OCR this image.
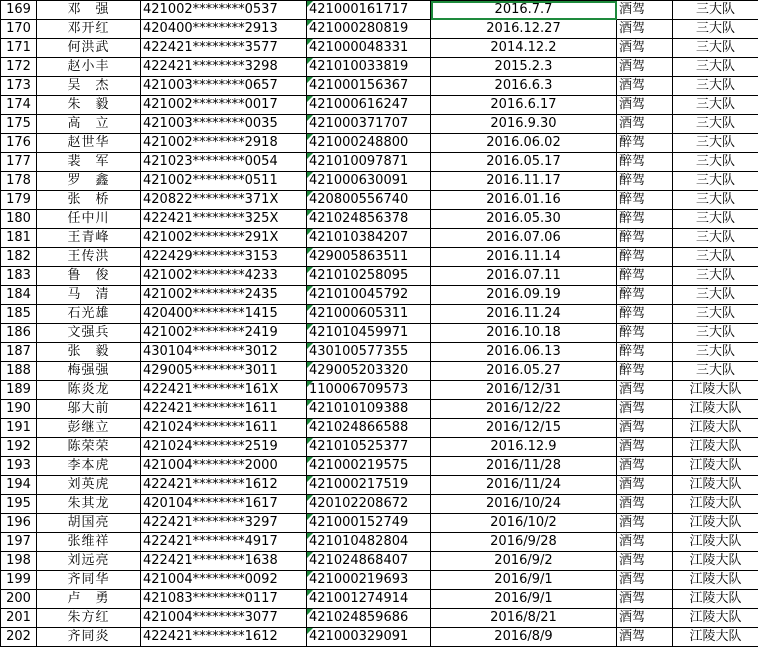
169	邓　强	421002********0537	421000161717	2016.7.7	酒驾	三大队
170	邓开红	420400********2913	421000280819	2016.12.27	酒驾	三大队
171	何洪武	422421********3577	421000048331	2014.12.2	酒驾	三大队
172	赵小丰	422421********3298	421010033819	2015.2.3	酒驾	三大队
173	吴　杰	421003********0657	421000156367	2016.6.3	酒驾	三大队
174	朱　毅	421002********0017	421000616247	2016.6.17	酒驾	三大队
175	高　立	421003********0035	421000371707	2016.9.30	酒驾	三大队
176	赵世华	421002********2918	421000248800	2016.06.02	醉驾	三大队
177	裴　军	421023********0054	421010097871	2016.05.17	醉驾	三大队
178	罗　鑫	421002********0511	421000630091	2016.11.17	醉驾	三大队
179	张　桥	420822********371X	420800556740	2016.01.16	醉驾	三大队
180	任中川	422421********325X	421024856378	2016.05.30	醉驾	三大队
181	王青峰	421002********291X	421010384207	2016.07.06	醉驾	三大队
182	王传洪	422429********3153	429005863511	2016.11.14	醉驾	三大队
183	鲁　俊	421002********4233	421010258095	2016.07.11	醉驾	三大队
184	马　清	421002********2435	421010045792	2016.09.19	醉驾	三大队
185	石光雄	420400********1415	421000605311	2016.11.24	醉驾	三大队
186	文强兵	421002********2419	421010459971	2016.10.18	醉驾	三大队
187	张　毅	430104********3012	430100577355	2016.06.13	醉驾	三大队
188	梅强强	429005********3011	429005203320	2016.05.27	醉驾	三大队
189	陈炎龙	422421********161X	110006709573	2016/12/31	酒驾	江陵大队
190	邬大前	422421********1611	421010109388	2016/12/22	酒驾	江陵大队
191	彭继立	421024********1611	421024866588	2016/12/15	酒驾	江陵大队
192	陈荣荣	421024********2519	421010525377	2016.12.9	酒驾	江陵大队
193	李本虎	421004********2000	421000219575	2016/11/28	酒驾	江陵大队
194	刘英虎	422421********1612	421000217519	2016/11/24	酒驾	江陵大队
195	朱其龙	420104********1617	420102208672	2016/10/24	酒驾	江陵大队
196	胡国亮	422421********3297	421000152749	2016/10/2	酒驾	江陵大队
197	张维祥	422421********4917	421010482804	2016/9/28	酒驾	江陵大队
198	刘远亮	422421********1638	421024868407	2016/9/2	酒驾	江陵大队
199	齐同华	421004********0092	421000219693	2016/9/1	酒驾	江陵大队
200	卢　勇	421083********0117	421001274914	2016/9/1	酒驾	江陵大队
201	朱方红	421004********3077	421024859686	2016/8/21	酒驾	江陵大队
202	齐同炎	422421********1612	421000329091	2016/8/9	酒驾	江陵大队
